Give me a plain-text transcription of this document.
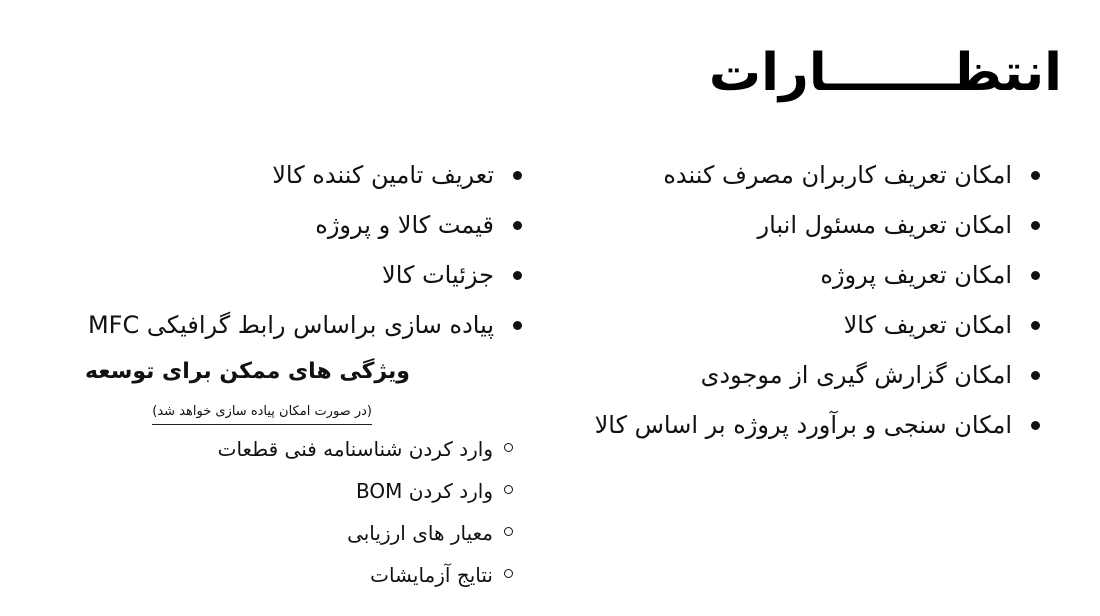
انتظـــــــارات
امکان تعریف کاربران مصرف کننده
امکان تعریف مسئول انبار
امکان تعریف پروژه
امکان تعریف کالا
امکان گزارش گیری از موجودی
امکان سنجی و برآورد پروژه بر اساس کالا
تعریف تامین کننده کالا
قیمت کالا و پروژه
جزئیات کالا
پیاده سازی براساس رابط گرافیکی MFC
ویژگی های ممکن برای توسعه
(در صورت امکان پیاده سازی خواهد شد)
وارد کردن شناسنامه فنی قطعات
وارد کردن BOM
معیار های ارزیابی
نتایج آزمایشات
